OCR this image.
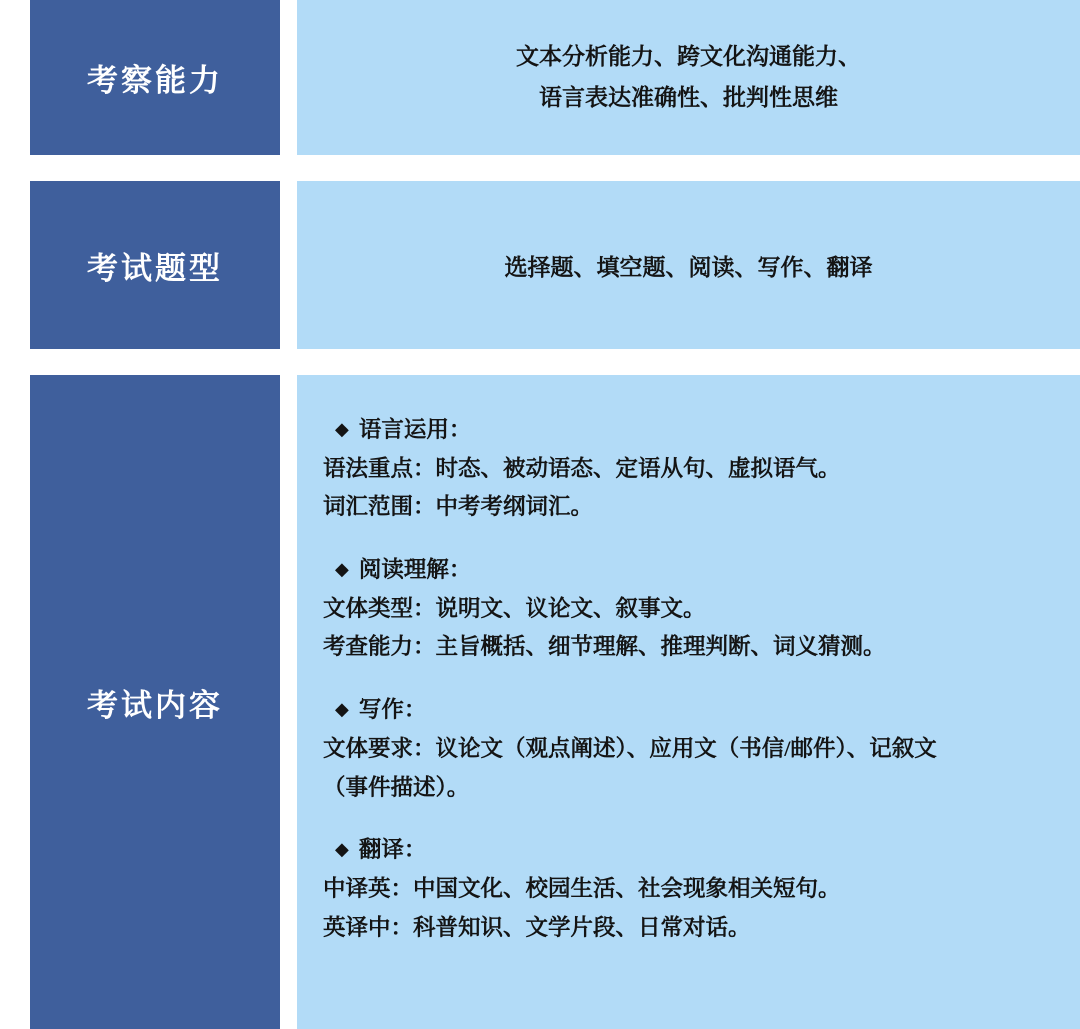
考察能力
文本分析能力、跨文化沟通能力、
语言表达准确性、批判性思维
考试题型	选择题、填空题、阅读、写作、翻译
考试内容
◆ 语言运用：
语法重点：时态、被动语态、定语从句、虚拟语气。
词汇范围：中考考纲词汇。
◆ 阅读理解：
文体类型：说明文、议论文、叙事文。
考查能力：主旨概括、细节理解、推理判断、词义猜测。
◆ 写作：
文体要求：议论文（观点阐述）、应用文（书信/邮件）、记叙文
（事件描述）。
◆ 翻译：
中译英：中国文化、校园生活、社会现象相关短句。
英译中：科普知识、文学片段、日常对话。
